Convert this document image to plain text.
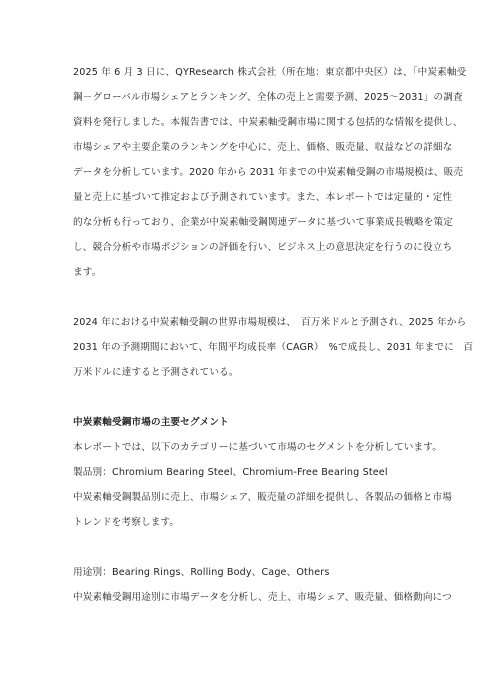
2025 年 6 月 3 日に、QYResearch 株式会社（所在地：東京都中央区）は、「中炭素軸受
鋼－グローバル市場シェアとランキング、全体の売上と需要予測、2025～2031」の調査
資料を発行しました。本報告書では、中炭素軸受鋼市場に関する包括的な情報を提供し、
市場シェアや主要企業のランキングを中心に、売上、価格、販売量、収益などの詳細な
データを分析しています。2020 年から 2031 年までの中炭素軸受鋼の市場規模は、販売
量と売上に基づいて推定および予測されています。また、本レポートでは定量的・定性
的な分析も行っており、企業が中炭素軸受鋼関連データに基づいて事業成長戦略を策定
し、競合分析や市場ポジションの評価を行い、ビジネス上の意思決定を行うのに役立ち
ます。
2024 年における中炭素軸受鋼の世界市場規模は、　百万米ドルと予測され、2025 年から
2031 年の予測期間において、年間平均成長率（CAGR）　%で成長し、2031 年までに　百
万米ドルに達すると予測されている。
中炭素軸受鋼市場の主要セグメント
本レポートでは、以下のカテゴリーに基づいて市場のセグメントを分析しています。
製品別：Chromium Bearing Steel、Chromium-Free Bearing Steel
中炭素軸受鋼製品別に売上、市場シェア、販売量の詳細を提供し、各製品の価格と市場
トレンドを考察します。
用途別：Bearing Rings、Rolling Body、Cage、Others
中炭素軸受鋼用途別に市場データを分析し、売上、市場シェア、販売量、価格動向につ
